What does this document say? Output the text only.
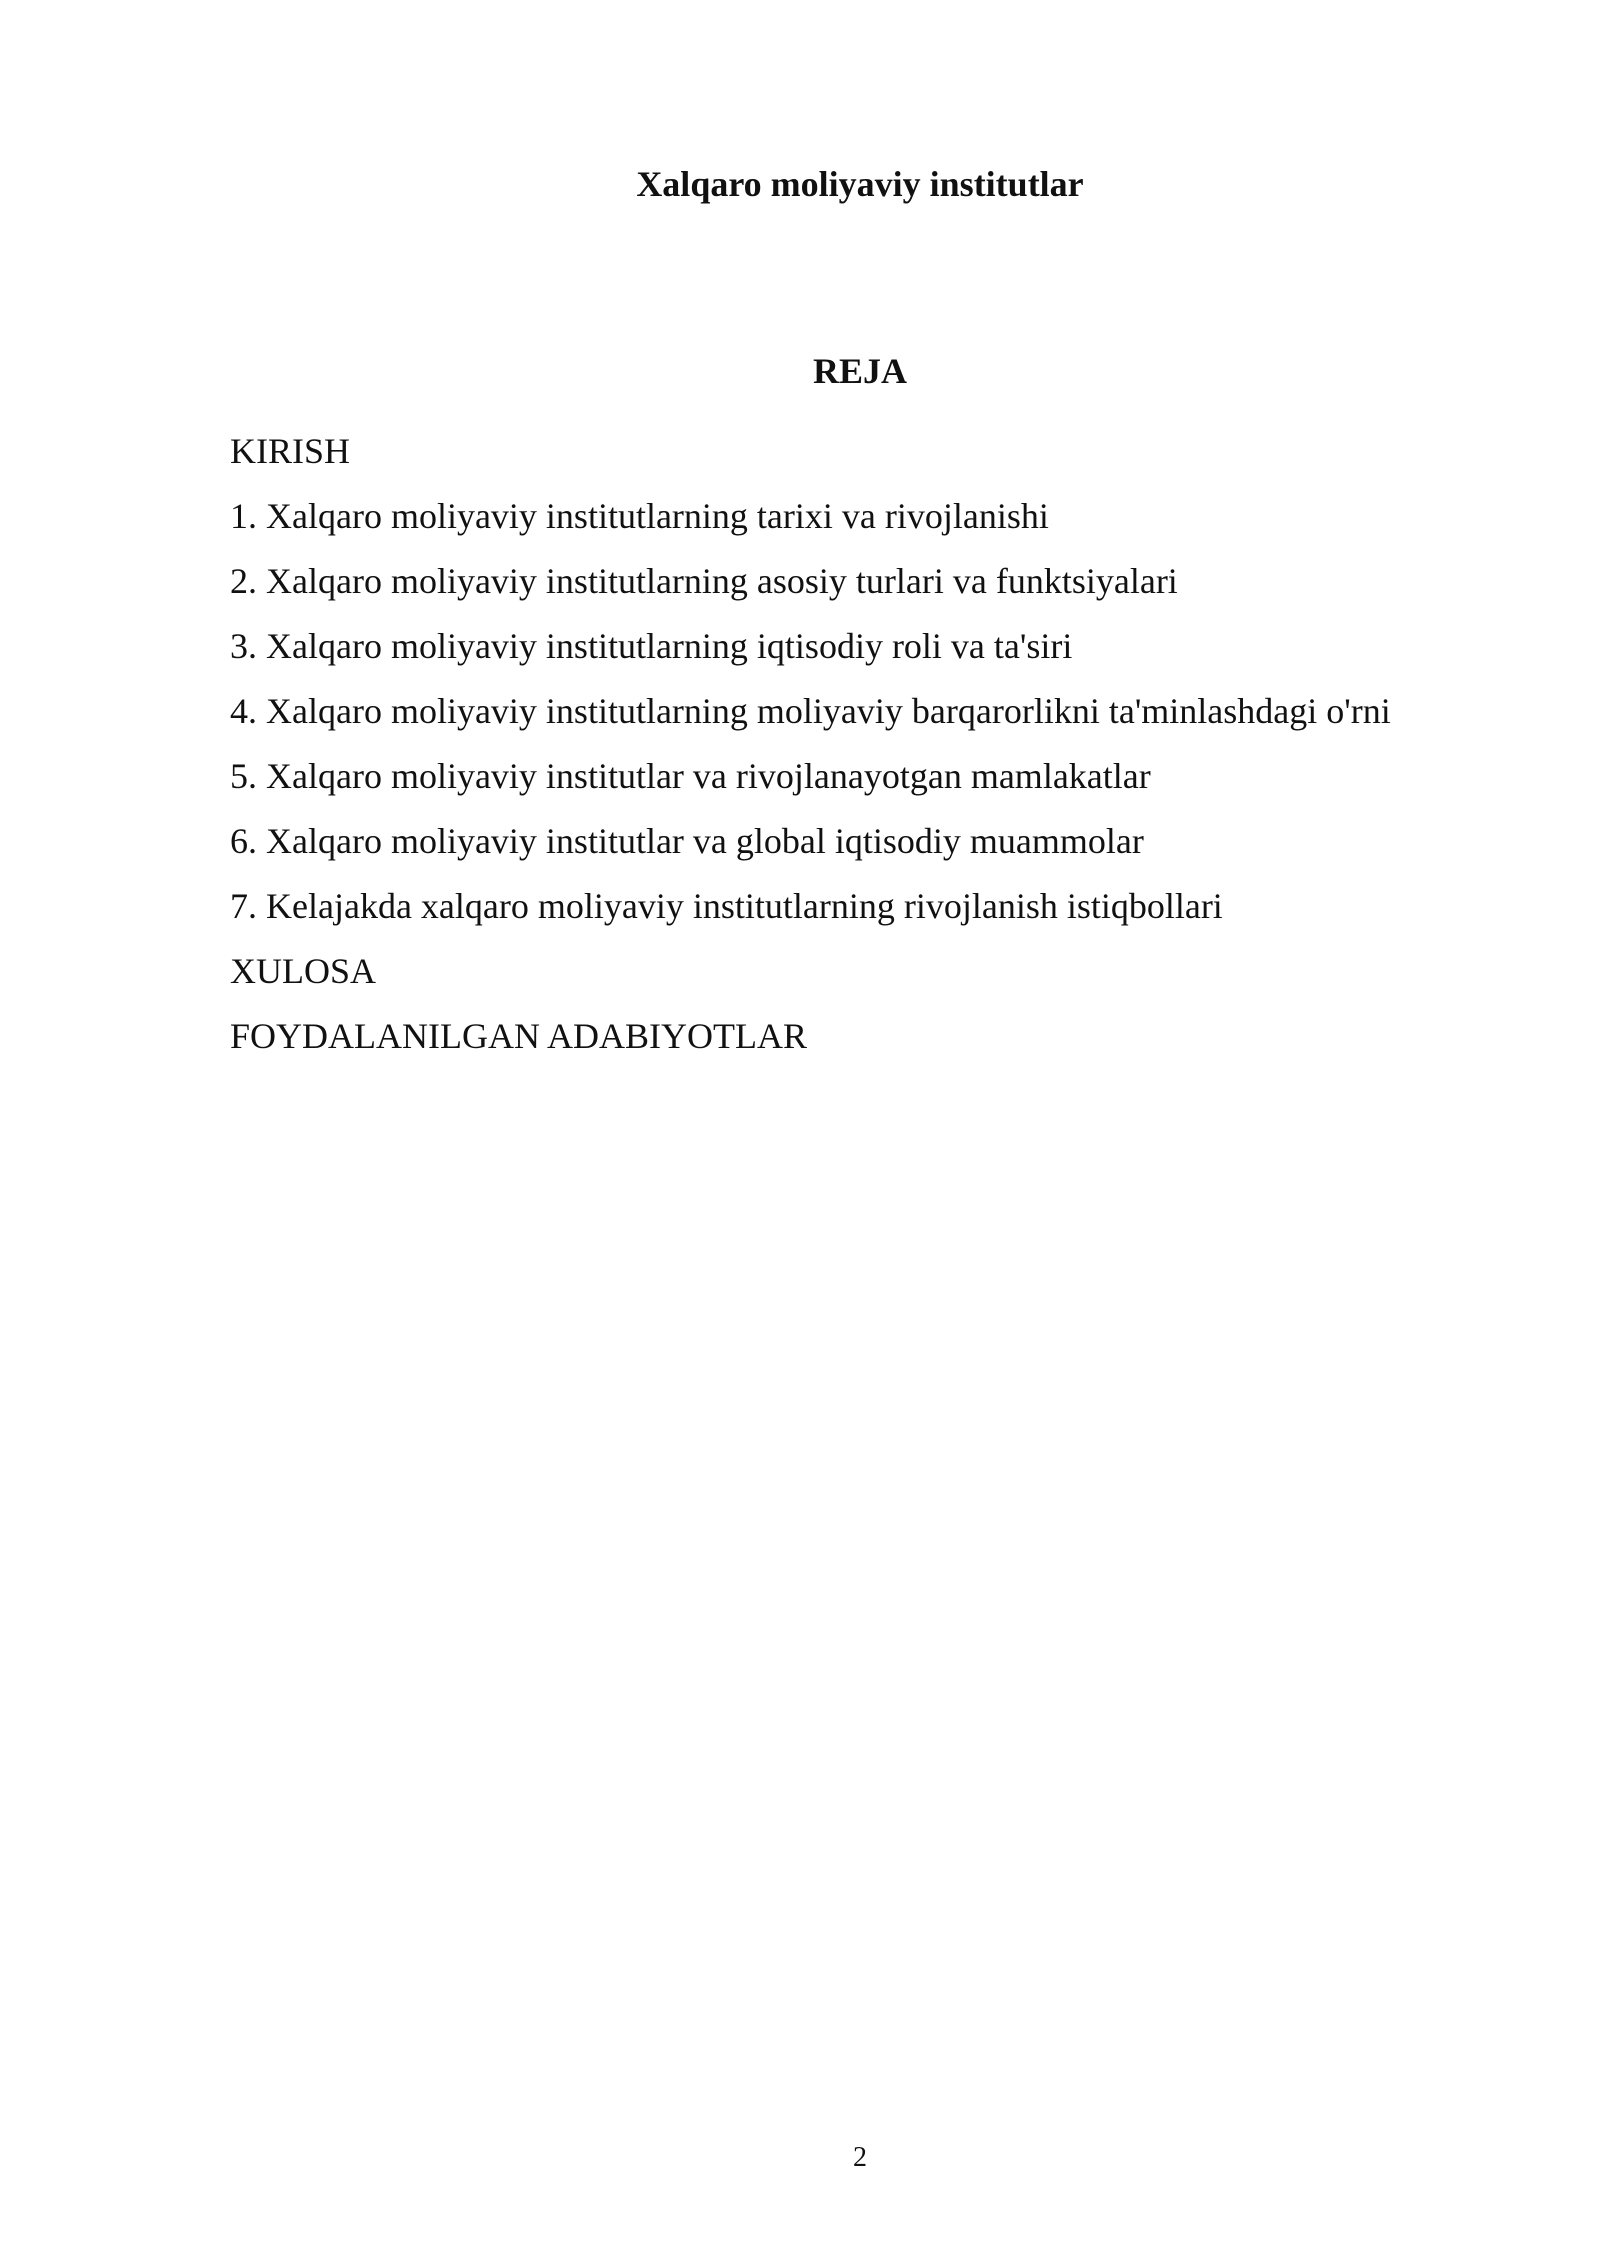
Xalqaro moliyaviy institutlar
REJA
KIRISH
1. Xalqaro moliyaviy institutlarning tarixi va rivojlanishi
2. Xalqaro moliyaviy institutlarning asosiy turlari va funktsiyalari
3. Xalqaro moliyaviy institutlarning iqtisodiy roli va ta'siri
4. Xalqaro moliyaviy institutlarning moliyaviy barqarorlikni ta'minlashdagi o'rni
5. Xalqaro moliyaviy institutlar va rivojlanayotgan mamlakatlar
6. Xalqaro moliyaviy institutlar va global iqtisodiy muammolar
7. Kelajakda xalqaro moliyaviy institutlarning rivojlanish istiqbollari
XULOSA
FOYDALANILGAN ADABIYOTLAR
2
